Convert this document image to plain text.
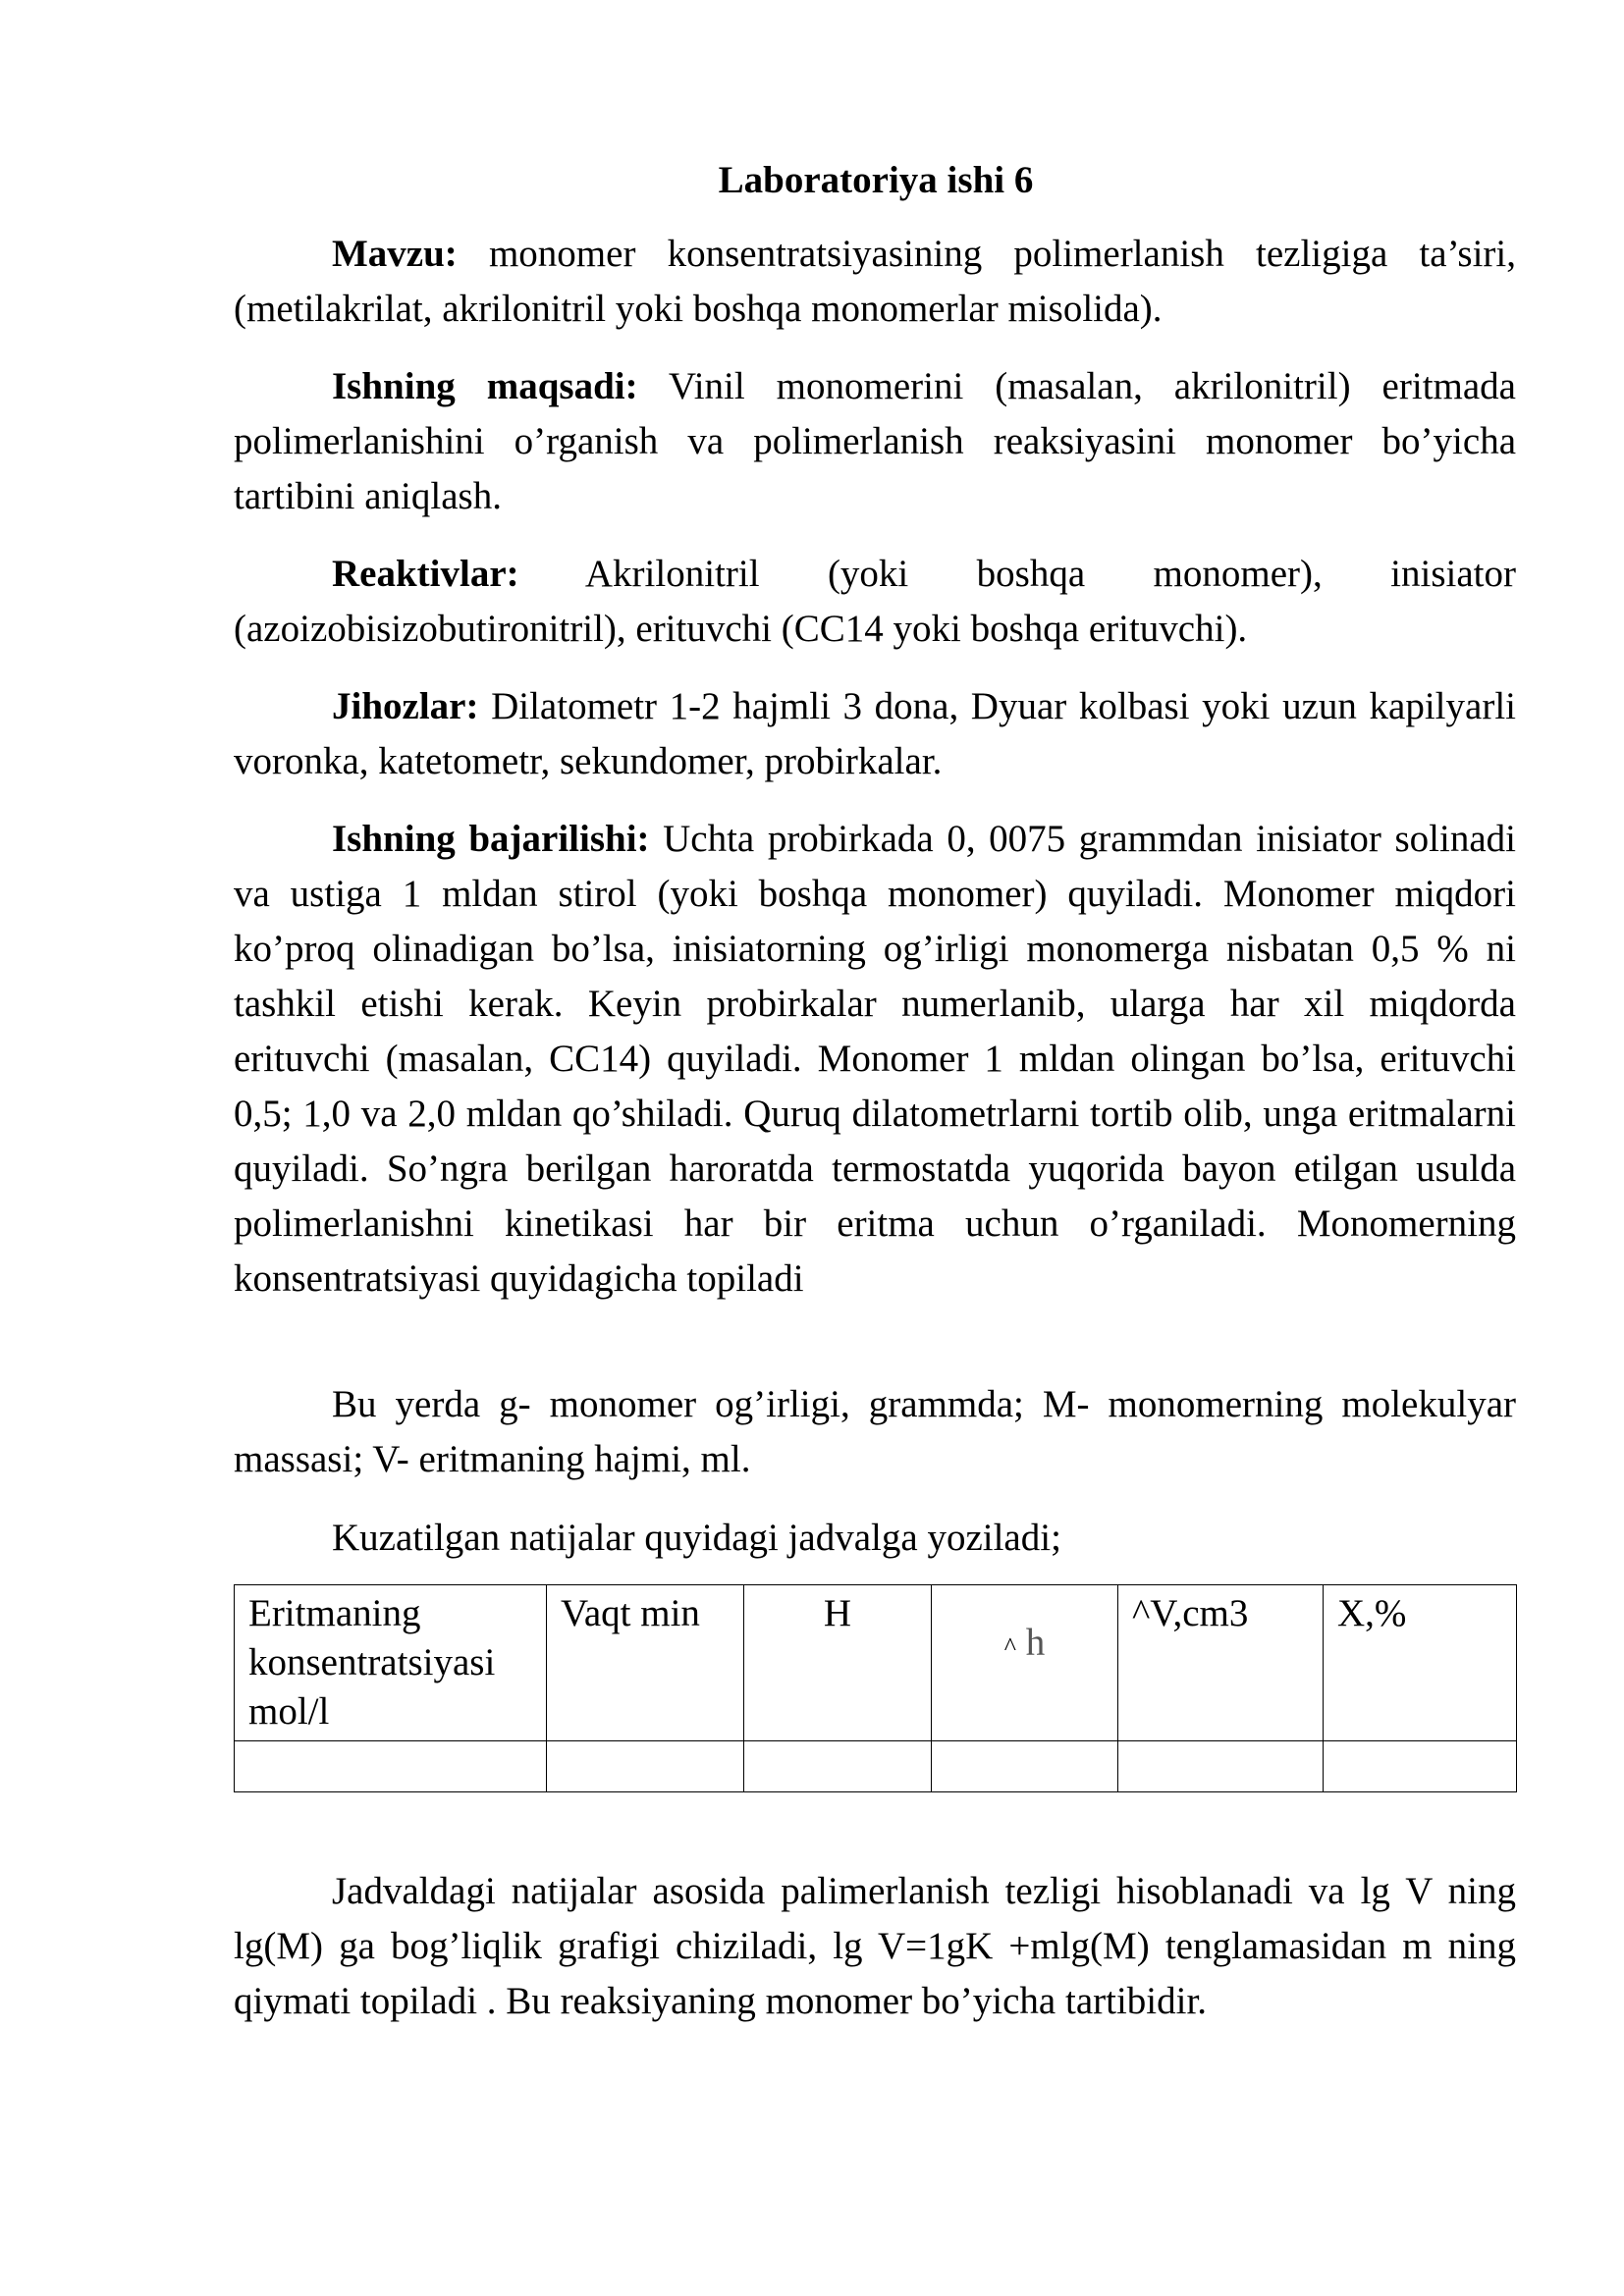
Laboratoriya ishi 6

Mavzu: monomer konsentratsiyasining polimerlanish tezligiga ta’siri, (metilakrilat, akrilonitril yoki boshqa monomerlar misolida).

Ishning maqsadi: Vinil monomerini (masalan, akrilonitril) eritmada polimerlanishini o’rganish va polimerlanish reaksiyasini monomer bo’yicha tartibini aniqlash.

Reaktivlar: Akrilonitril (yoki boshqa monomer), inisiator (azoizobisizobutironitril), erituvchi (CC14 yoki boshqa erituvchi).

Jihozlar: Dilatometr 1-2 hajmli 3 dona, Dyuar kolbasi yoki uzun kapilyarli voronka, katetometr, sekundomer, probirkalar.

Ishning bajarilishi: Uchta probirkada 0, 0075 grammdan inisiator solinadi va ustiga 1 mldan stirol (yoki boshqa monomer) quyiladi. Monomer miqdori ko’proq olinadigan bo’lsa, inisiatorning og’irligi monomerga nisbatan 0,5 % ni tashkil etishi kerak. Keyin probirkalar numerlanib, ularga har xil miqdorda erituvchi (masalan, CC14) quyiladi. Monomer 1 mldan olingan bo’lsa, erituvchi 0,5; 1,0 va 2,0 mldan qo’shiladi. Quruq dilatometrlarni tortib olib, unga eritmalarni quyiladi. So’ngra berilgan haroratda termostatda yuqorida bayon etilgan usulda polimerlanishni kinetikasi har bir eritma uchun o’rganiladi. Monomerning konsentratsiyasi quyidagicha topiladi

Bu yerda g- monomer og’irligi, grammda; M- monomerning molekulyar massasi; V- eritmaning hajmi, ml.

Kuzatilgan natijalar quyidagi jadvalga yoziladi;

Eritmaning konsentratsiyasi mol/l	Vaqt min	H	^ h	^V,cm3	X,%

Jadvaldagi natijalar asosida palimerlanish tezligi hisoblanadi va lg V ning lg(M) ga bog’liqlik grafigi chiziladi, lg V=1gK +mlg(M) tenglamasidan m ning qiymati topiladi . Bu reaksiyaning monomer bo’yicha tartibidir.
